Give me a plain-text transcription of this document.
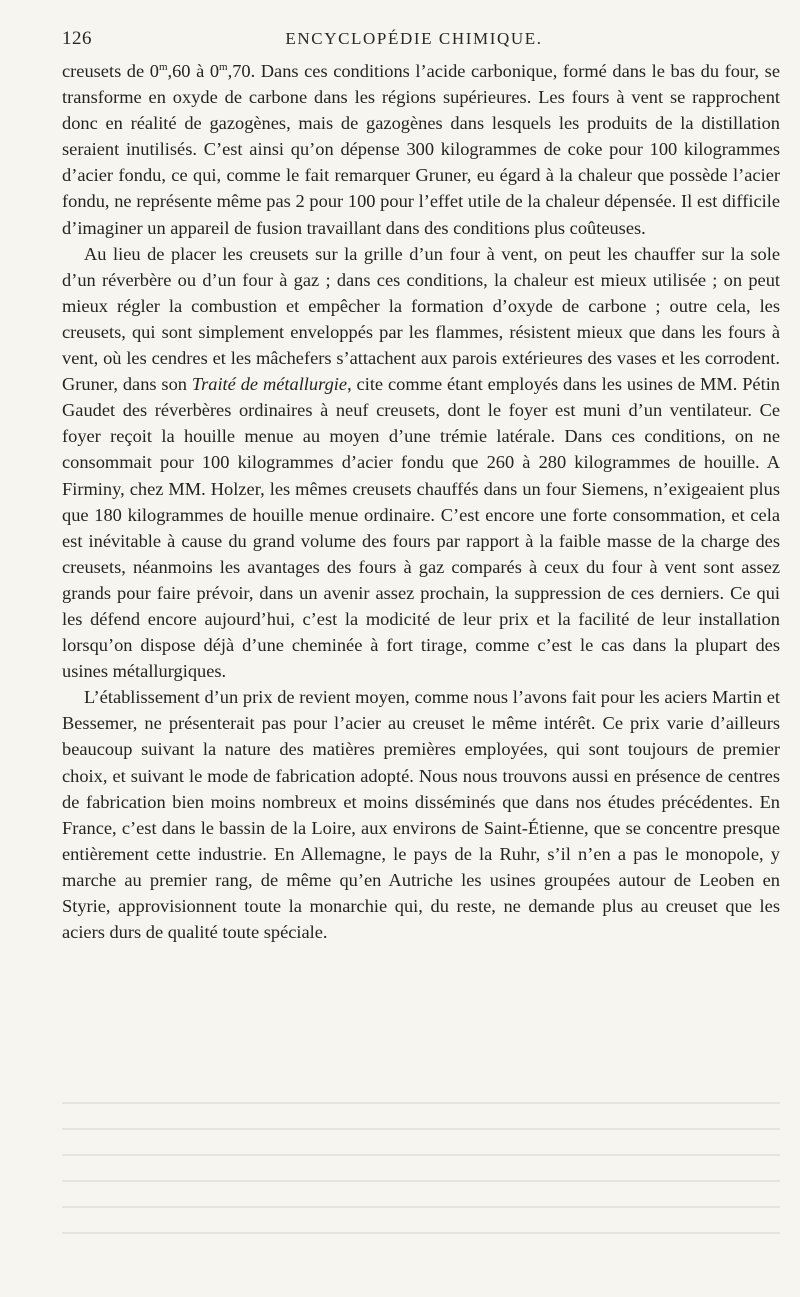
126	ENCYCLOPÉDIE CHIMIQUE.

creusets de 0$^m$,60 à 0$^m$,70. Dans ces conditions l’acide carbonique, formé dans le bas du four, se transforme en oxyde de carbone dans les régions supérieures. Les fours à vent se rapprochent donc en réalité de gazogènes, mais de gazogènes dans lesquels les produits de la distillation seraient inutilisés. C’est ainsi qu’on dépense 300 kilogrammes de coke pour 100 kilogrammes d’acier fondu, ce qui, comme le fait remarquer Gruner, eu égard à la chaleur que possède l’acier fondu, ne représente même pas 2 pour 100 pour l’effet utile de la chaleur dépensée. Il est difficile d’imaginer un appareil de fusion travaillant dans des conditions plus coûteuses.

Au lieu de placer les creusets sur la grille d’un four à vent, on peut les chauffer sur la sole d’un réverbère ou d’un four à gaz ; dans ces conditions, la chaleur est mieux utilisée ; on peut mieux régler la combustion et empêcher la formation d’oxyde de carbone ; outre cela, les creusets, qui sont simplement enveloppés par les flammes, résistent mieux que dans les fours à vent, où les cendres et les mâchefers s’attachent aux parois extérieures des vases et les corrodent. Gruner, dans son Traité de métallurgie, cite comme étant employés dans les usines de MM. Pétin Gaudet des réverbères ordinaires à neuf creusets, dont le foyer est muni d’un ventilateur. Ce foyer reçoit la houille menue au moyen d’une trémie latérale. Dans ces conditions, on ne consommait pour 100 kilogrammes d’acier fondu que 260 à 280 kilogrammes de houille. A Firminy, chez MM. Holzer, les mêmes creusets chauffés dans un four Siemens, n’exigeaient plus que 180 kilogrammes de houille menue ordinaire. C’est encore une forte consommation, et cela est inévitable à cause du grand volume des fours par rapport à la faible masse de la charge des creusets, néanmoins les avantages des fours à gaz comparés à ceux du four à vent sont assez grands pour faire prévoir, dans un avenir assez prochain, la suppression de ces derniers. Ce qui les défend encore aujourd’hui, c’est la modicité de leur prix et la facilité de leur installation lorsqu’on dispose déjà d’une cheminée à fort tirage, comme c’est le cas dans la plupart des usines métallurgiques.

L’établissement d’un prix de revient moyen, comme nous l’avons fait pour les aciers Martin et Bessemer, ne présenterait pas pour l’acier au creuset le même intérêt. Ce prix varie d’ailleurs beaucoup suivant la nature des matières premières employées, qui sont toujours de premier choix, et suivant le mode de fabrication adopté. Nous nous trouvons aussi en présence de centres de fabrication bien moins nombreux et moins disséminés que dans nos études précédentes. En France, c’est dans le bassin de la Loire, aux environs de Saint-Étienne, que se concentre presque entièrement cette industrie. En Allemagne, le pays de la Ruhr, s’il n’en a pas le monopole, y marche au premier rang, de même qu’en Autriche les usines groupées autour de Leoben en Styrie, approvisionnent toute la monarchie qui, du reste, ne demande plus au creuset que les aciers durs de qualité toute spéciale.
